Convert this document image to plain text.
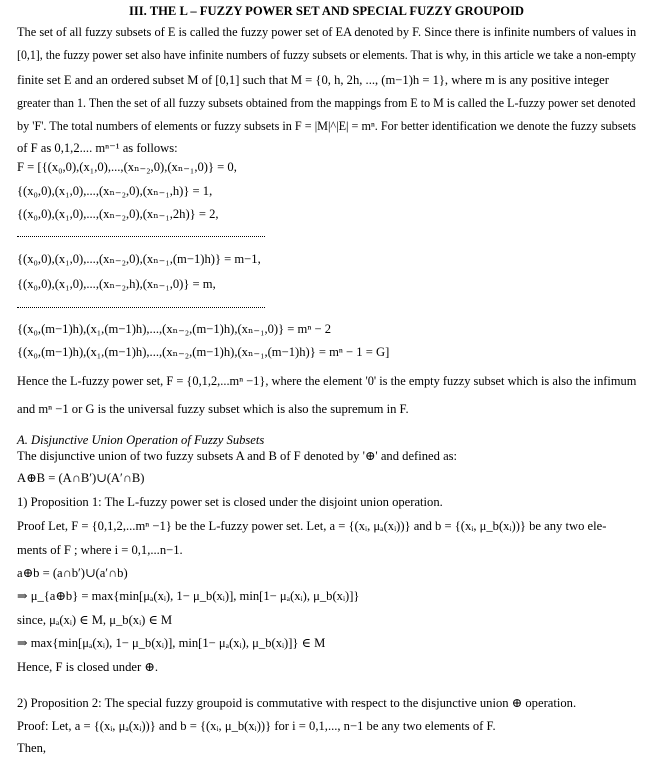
III. THE L – FUZZY POWER SET AND SPECIAL FUZZY GROUPOID
The set of all fuzzy subsets of E is called the fuzzy power set of EA denoted by F. Since there is infinite numbers of values in
[0,1], the fuzzy power set also have infinite numbers of fuzzy subsets or elements. That is why, in this article we take a non-empty
finite set E and an ordered subset M of [0,1] such that M = {0, h, 2h, ..., (m−1)h = 1}, where m is any positive integer
greater than 1. Then the set of all fuzzy subsets obtained from the mappings from E to M is called the L-fuzzy power set denoted
by 'F'. The total numbers of elements or fuzzy subsets in F = |M|^|E| = mⁿ. For better identification we denote the fuzzy subsets
of F as 0,1,2.... mⁿ⁻¹ as follows:
F = [{(x₀,0),(x₁,0),...,(xₙ₋₂,0),(xₙ₋₁,0)} = 0,
{(x₀,0),(x₁,0),...,(xₙ₋₂,0),(xₙ₋₁,h)} = 1,
{(x₀,0),(x₁,0),...,(xₙ₋₂,0),(xₙ₋₁,2h)} = 2,
{(x₀,0),(x₁,0),...,(xₙ₋₂,0),(xₙ₋₁,(m−1)h)} = m−1,
{(x₀,0),(x₁,0),...,(xₙ₋₂,h),(xₙ₋₁,0)} = m,
{(x₀,(m−1)h),(x₁,(m−1)h),...,(xₙ₋₂,(m−1)h),(xₙ₋₁,0)} = mⁿ − 2
{(x₀,(m−1)h),(x₁,(m−1)h),...,(xₙ₋₂,(m−1)h),(xₙ₋₁,(m−1)h)} = mⁿ − 1 = G]
Hence the L-fuzzy power set, F = {0,1,2,...mⁿ −1}, where the element '0' is the empty fuzzy subset which is also the infimum
and mⁿ −1 or G is the universal fuzzy subset which is also the supremum in F.
A. Disjunctive Union Operation of Fuzzy Subsets
The disjunctive union of two fuzzy subsets A and B of F denoted by '⊕' and defined as:
A⊕B = (A∩B′)∪(A′∩B)
1) Proposition 1: The L-fuzzy power set is closed under the disjoint union operation.
Proof Let, F = {0,1,2,...mⁿ −1} be the L-fuzzy power set. Let, a = {(xᵢ, μₐ(xᵢ))} and b = {(xᵢ, μ_b(xᵢ))} be any two ele-
ments of F ; where i = 0,1,...n−1.
a⊕b = (a∩b′)∪(a′∩b)
⇒ μ_{a⊕b} = max{min[μₐ(xᵢ), 1− μ_b(xᵢ)], min[1− μₐ(xᵢ), μ_b(xᵢ)]}
since, μₐ(xᵢ) ∈ M, μ_b(xᵢ) ∈ M
⇒ max{min[μₐ(xᵢ), 1− μ_b(xᵢ)], min[1− μₐ(xᵢ), μ_b(xᵢ)]} ∈ M
Hence, F is closed under ⊕.
2) Proposition 2: The special fuzzy groupoid is commutative with respect to the disjunctive union ⊕ operation.
Proof: Let, a = {(xᵢ, μₐ(xᵢ))} and b = {(xᵢ, μ_b(xᵢ))} for i = 0,1,..., n−1 be any two elements of F.
Then,
